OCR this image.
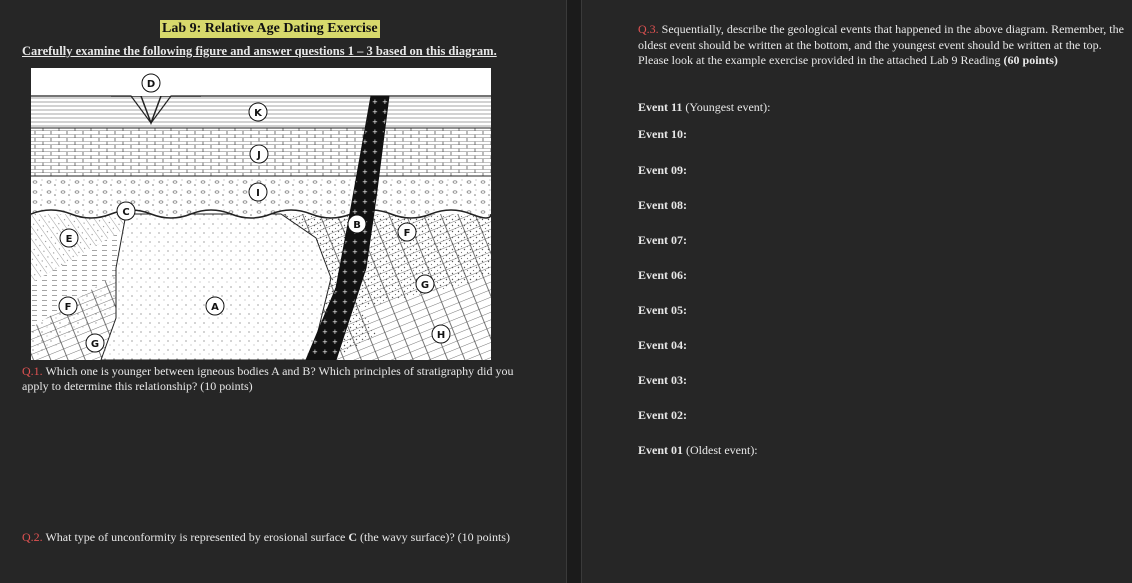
Lab 9: Relative Age Dating Exercise
Carefully examine the following figure and answer questions 1 – 3 based on this diagram.
D
K
J
I
C
E
B
F
G
A
F
G
H
Q.1. Which one is younger between igneous bodies A and B? Which principles of stratigraphy did you apply to determine this relationship? (10 points)
Q.2. What type of unconformity is represented by erosional surface C (the wavy surface)? (10 points)
Q.3. Sequentially, describe the geological events that happened in the above diagram. Remember, the oldest event should be written at the bottom, and the youngest event should be written at the top. Please look at the example exercise provided in the attached Lab 9 Reading (60 points)
Event 11 (Youngest event):
Event 10:
Event 09:
Event 08:
Event 07:
Event 06:
Event 05:
Event 04:
Event 03:
Event 02:
Event 01 (Oldest event):
